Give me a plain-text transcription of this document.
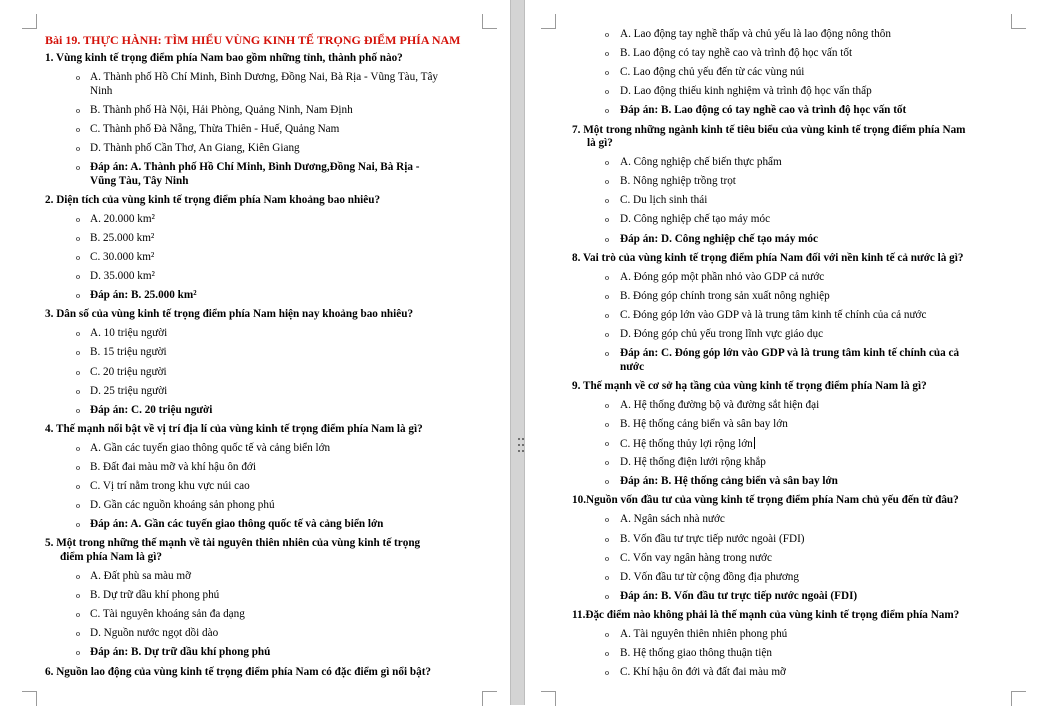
Bài 19. THỰC HÀNH: TÌM HIỂU VÙNG KINH TẾ TRỌNG ĐIỂM PHÍA NAM
1. Vùng kinh tế trọng điểm phía Nam bao gồm những tỉnh, thành phố nào?
A. Thành phố Hồ Chí Minh, Bình Dương, Đồng Nai, Bà Rịa - Vũng Tàu, Tây
o
Ninh
B. Thành phố Hà Nội, Hải Phòng, Quảng Ninh, Nam Định
o
C. Thành phố Đà Nẵng, Thừa Thiên - Huế, Quảng Nam
o
D. Thành phố Cần Thơ, An Giang, Kiên Giang
o
Đáp án: A. Thành phố Hồ Chí Minh, Bình Dương,Đồng Nai, Bà Rịa -
o
Vũng Tàu, Tây Ninh
2. Diện tích của vùng kinh tế trọng điểm phía Nam khoảng bao nhiêu?
A. 20.000 km²
o
B. 25.000 km²
o
C. 30.000 km²
o
D. 35.000 km²
o
Đáp án: B. 25.000 km²
o
3. Dân số của vùng kinh tế trọng điểm phía Nam hiện nay khoảng bao nhiêu?
A. 10 triệu người
o
B. 15 triệu người
o
C. 20 triệu người
o
D. 25 triệu người
o
Đáp án: C. 20 triệu người
o
4. Thế mạnh nổi bật về vị trí địa lí của vùng kinh tế trọng điểm phía Nam là gì?
A. Gần các tuyến giao thông quốc tế và cảng biển lớn
o
B. Đất đai màu mỡ và khí hậu ôn đới
o
C. Vị trí nằm trong khu vực núi cao
o
D. Gần các nguồn khoáng sản phong phú
o
Đáp án: A. Gần các tuyến giao thông quốc tế và cảng biển lớn
o
5. Một trong những thế mạnh về tài nguyên thiên nhiên của vùng kinh tế trọng
điểm phía Nam là gì?
A. Đất phù sa màu mỡ
o
B. Dự trữ dầu khí phong phú
o
C. Tài nguyên khoáng sản đa dạng
o
D. Nguồn nước ngọt dồi dào
o
Đáp án: B. Dự trữ dầu khí phong phú
o
6. Nguồn lao động của vùng kinh tế trọng điểm phía Nam có đặc điểm gì nổi bật?
A. Lao động tay nghề thấp và chủ yếu là lao động nông thôn
o
B. Lao động có tay nghề cao và trình độ học vấn tốt
o
C. Lao động chủ yếu đến từ các vùng núi
o
D. Lao động thiếu kinh nghiệm và trình độ học vấn thấp
o
Đáp án: B. Lao động có tay nghề cao và trình độ học vấn tốt
o
7. Một trong những ngành kinh tế tiêu biểu của vùng kinh tế trọng điểm phía Nam
là gì?
A. Công nghiệp chế biến thực phẩm
o
B. Nông nghiệp trồng trọt
o
C. Du lịch sinh thái
o
D. Công nghiệp chế tạo máy móc
o
Đáp án: D. Công nghiệp chế tạo máy móc
o
8. Vai trò của vùng kinh tế trọng điểm phía Nam đối với nền kinh tế cả nước là gì?
A. Đóng góp một phần nhỏ vào GDP cả nước
o
B. Đóng góp chính trong sản xuất nông nghiệp
o
C. Đóng góp lớn vào GDP và là trung tâm kinh tế chính của cả nước
o
D. Đóng góp chủ yếu trong lĩnh vực giáo dục
o
Đáp án: C. Đóng góp lớn vào GDP và là trung tâm kinh tế chính của cả
o
nước
9. Thế mạnh về cơ sở hạ tầng của vùng kinh tế trọng điểm phía Nam là gì?
A. Hệ thống đường bộ và đường sắt hiện đại
o
B. Hệ thống cảng biển và sân bay lớn
o
C. Hệ thống thủy lợi rộng lớn
o
D. Hệ thống điện lưới rộng khắp
o
Đáp án: B. Hệ thống cảng biển và sân bay lớn
o
10.Nguồn vốn đầu tư của vùng kinh tế trọng điểm phía Nam chủ yếu đến từ đâu?
A. Ngân sách nhà nước
o
B. Vốn đầu tư trực tiếp nước ngoài (FDI)
o
C. Vốn vay ngân hàng trong nước
o
D. Vốn đầu tư từ cộng đồng địa phương
o
Đáp án: B. Vốn đầu tư trực tiếp nước ngoài (FDI)
o
11.Đặc điểm nào không phải là thế mạnh của vùng kinh tế trọng điểm phía Nam?
A. Tài nguyên thiên nhiên phong phú
o
B. Hệ thống giao thông thuận tiện
o
C. Khí hậu ôn đới và đất đai màu mỡ
o
